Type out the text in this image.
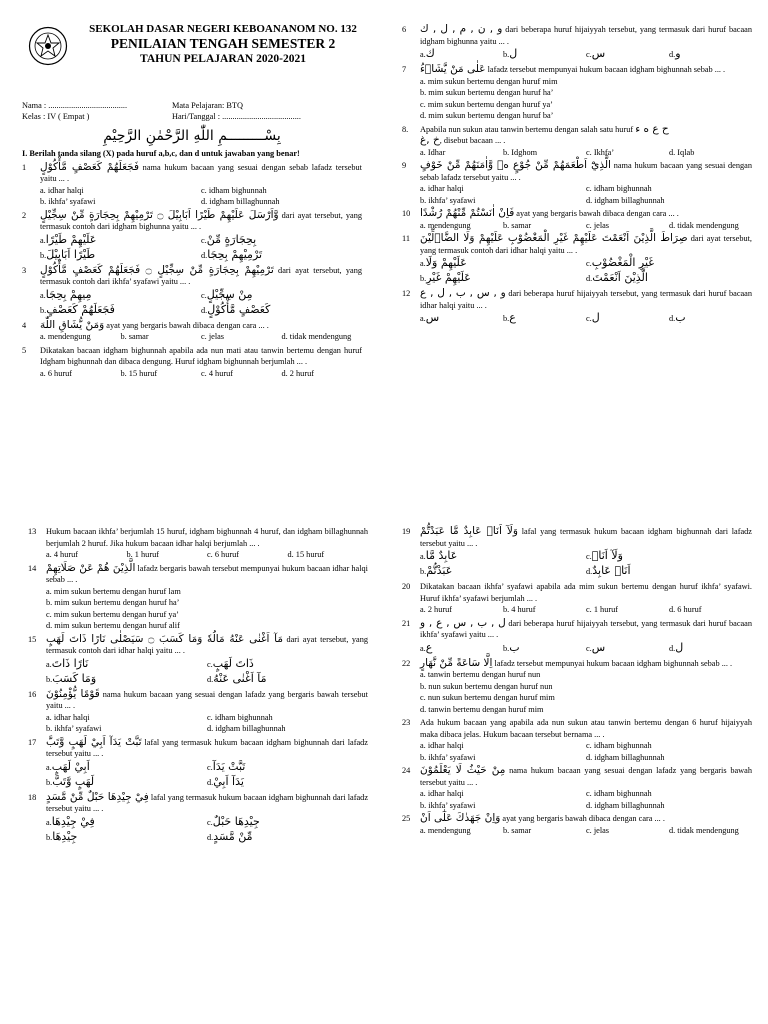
SEKOLAH DASAR NEGERI KEBOANANOM NO. 132
PENILAIAN TENGAH SEMESTER 2
TAHUN PELAJARAN 2020-2021
Nama : ......................................	Mata Pelajaran: BTQ
Kelas : IV ( Empat )	Hari/Tanggal : ......................................
بِسْـــــــــمِ اللّٰهِ الرَّحْمٰنِ الرَّحِيْمِ
I. Berilah tanda silang (X) pada huruf a,b,c, dan d untuk jawaban yang benar!
1	فَجَعَلَهُمْ كَعَصْفٍ مَّأْكُوْلٍ nama hukum bacaan yang sesuai dengan sebab lafadz tersebut yaitu ... .
a. idhar halqi	c. idham bighunnah
b. ikhfa’ syafawi	d. idgham billaghunnah
2	وَّاَرْسَلَ عَلَيْهِمْ طَيْرًا اَبَابِيْلَ ۝ تَرْمِيْهِمْ بِحِجَارَةٍ مِّنْ سِجِّيْلٍ dari ayat tersebut, yang termasuk contoh dari idgham bighunna yaitu ... .
a.عَلَيْهِمْ طَيْرًا	c.بِحِجَارَةٍ مِّنْ
b.طَيْرًا اَبَابِيْلَ	d.تَرْمِيْهِمْ بِحِجَا
3	تَرْمِيْهِمْ بِحِجَارَةٍ مِّنْ سِجِّيْلٍ ۝ فَجَعَلَهُمْ كَعَصْفٍ مَّأْكُوْلٍ dari ayat tersebut, yang termasuk contoh dari ikhfa’ syafawi yaitu ... .
a.مِيهِمْ بِحِجَا	c.مِنْ سِجِّيْلٍ
b.فَجَعَلَهُمْ كَعَصْفٍ	d.كَعَصْفٍ مَّأْكُوْلٍ
4	وَمَنْ يُّشَاقِ اللّٰهَ ayat yang bergaris bawah dibaca dengan cara ... .
a. mendengung	b. samar	c. jelas	d. tidak mendengung
5	Dikatakan bacaan idgham bighunnah apabila ada nun mati atau tanwin bertemu dengan huruf Idgham bighunnah dan dibaca dengung. Huruf idgham bighunnah berjumlah ... .
a. 6 huruf	b. 15 huruf	c. 4 huruf	d. 2 huruf
6	و , ن , م , ل , ك dari beberapa huruf hijaiyyah tersebut, yang termasuk dari huruf bacaan idgham bighunna yaitu ... .
a.ك	b.ل	c.س	d.و
7	عَلٰى مَنْ يَّشَاۤءُ lafadz tersebut mempunyai hukum bacaan idgham bighunnah sebab ... .
a. mim sukun bertemu dengan huruf mim
b. mim sukun bertemu dengan huruf ha’
c. mim sukun bertemu dengan huruf ya’
d. mim sukun bertemu dengan huruf ba’
8.	Apabila nun sukun atau tanwin bertemu dengan salah satu huruf ح ع ه ء
خ ,غ, disebut bacaan ... .
a. Idhar	b. Idghom	c. Ikhfa’	d. Iqlab
9	الَّذِيْٓ اَطْعَمَهُمْ مِّنْ جُوْعٍ ەۙ وَّاٰمَنَهُمْ مِّنْ خَوْفٍ nama hukum bacaan yang sesuai dengan sebab lafadz tersebut yaitu ... .
a. idhar halqi	c. idham bighunnah
b. ikhfa’ syafawi	d. idgham billaghunnah
10 فَاِنْ اٰنَسْتُمْ مِّنْهُمْ رُشْدًا ayat yang bergaris bawah dibaca dengan cara ... .
a. mendengung	b. samar	c. jelas	d. tidak mendengung
11 صِرَاطَ الَّذِيْنَ اَنْعَمْتَ عَلَيْهِمْ غَيْرِ الْمَغْضُوْبِ عَلَيْهِمْ وَلَا الضَّاۤلِّيْنَ dari ayat tersebut, yang termasuk contoh dari idhar halqi yaitu ... .
a.عَلَيْهِمْ وَلَا	c.غَيْرِ الْمَغْضُوْبِ
b.عَلَيْهِمْ غَيْرِ	d.الَّذِيْنَ اَنْعَمْتَ
12 و , س , ب , ل , ع dari beberapa huruf hijaiyyah tersebut, yang termasuk dari huruf bacaan idhar halqi yaitu ... .
a.س	b.ع	c.ل	d.ب
13	Hukum bacaan ikhfa’ berjumlah 15 huruf, idgham bighunnah 4 huruf, dan idgham billaghunnah berjumlah 2 huruf. Jika hukum bacaan idhar halqi berjumlah ... .
a. 4 huruf	b. 1 huruf	c. 6 huruf	d. 15 huruf
14 الَّذِيْنَ هُمْ عَنْ صَلَاتِهِمْ lafadz bergaris bawah tersebut mempunyai hukum bacaan idhar halqi sebab ... .
a. mim sukun bertemu dengan huruf lam
b. mim sukun bertemu dengan huruf ha’
c. mim sukun bertemu dengan huruf ya’
d. mim sukun bertemu dengan huruf alif
15 مَآ اَغْنٰى عَنْهُ مَالُهٗ وَمَا كَسَبَ ۝ سَيَصْلٰى نَارًا ذَاتَ لَهَبٍ dari ayat tersebut, yang termasuk contoh dari idhar halqi yaitu ... .
a.نَارًا ذَاتَ	c.ذَاتَ لَهَبٍ
b.وَمَا كَسَبَ	d.مَآ اَغْنٰى عَنْهُ
16 قَوْمًا يُّؤْمِنُوْنَ nama hukum bacaan yang sesuai dengan lafadz yang bergaris bawah tersebut yaitu ... .
a. idhar halqi	c. idham bighunnah
b. ikhfa’ syafawi	d. idgham billaghunnah
17 تَبَّتْ يَدَآ اَبِيْ لَهَبٍ وَّتَبَّ lafal yang termasuk hukum bacaan idgham bighunnah dari lafadz tersebut yaitu ... .
a.اَبِيْ لَهَبٍ	c.تَبَّتْ يَدَآ
b.لَهَبٍ وَّتَبَّ	d.يَدَآ اَبِيْ
18 فِيْ جِيْدِهَا حَبْلٌ مِّنْ مَّسَدٍ lafal yang termasuk hukum bacaan idgham bighunnah dari lafadz tersebut yaitu ... .
a.فِيْ جِيْدِهَا	c.جِيْدِهَا حَبْلٌ
b.جِيْدِهَا	d.مِّنْ مَّسَدٍ
19 وَلَآ اَنَا۠ عَابِدٌ مَّا عَبَدْتُّمْ lafal yang termasuk hukum bacaan idgham bighunnah dari lafadz tersebut yaitu ... .
a.عَابِدٌ مَّا	c.وَلَآ اَنَا۠
b.عَبَدْتُّمْ	d.اَنَا۠ عَابِدٌ
20	Dikatakan bacaan ikhfa’ syafawi apabila ada mim sukun bertemu dengan huruf ikhfa’ syafawi. Huruf ikhfa’ syafawi berjumlah ... .
a. 2 huruf	b. 4 huruf	c. 1 huruf	d. 6 huruf
21 ل , ب , س , ع , و dari beberapa huruf hijaiyyah tersebut, yang termasuk dari huruf bacaan ikhfa’ syafawi yaitu ... .
a.ع	b.ب	c.س	d.ل
22 اِلَّا سَاعَةً مِّنْ نَّهَارٍ lafadz tersebut mempunyai hukum bacaan idgham bighunnah sebab ... .
a. tanwin bertemu dengan huruf nun
b. nun sukun bertemu dengan huruf nun
c. nun sukun bertemu dengan huruf mim
d. tanwin bertemu dengan huruf mim
23	Ada hukum bacaan yang apabila ada nun sukun atau tanwin bertemu dengan 6 huruf hijaiyyah maka dibaca jelas. Hukum bacaan tersebut bernama ... .
a. idhar halqi	c. idham bighunnah
b. ikhfa’ syafawi	d. idgham billaghunnah
24 مِنْ حَيْثُ لَا يَعْلَمُوْنَ nama hukum bacaan yang sesuai dengan lafadz yang bergaris bawah tersebut yaitu ... .
a. idhar halqi	c. idham bighunnah
b. ikhfa’ syafawi	d. idgham billaghunnah
25 وَاِنْ جَهَدٰكَ عَلٰٓى اَنْ ayat yang bergaris bawah dibaca dengan cara ... .
a. mendengung	b. samar	c. jelas	d. tidak mendengung
